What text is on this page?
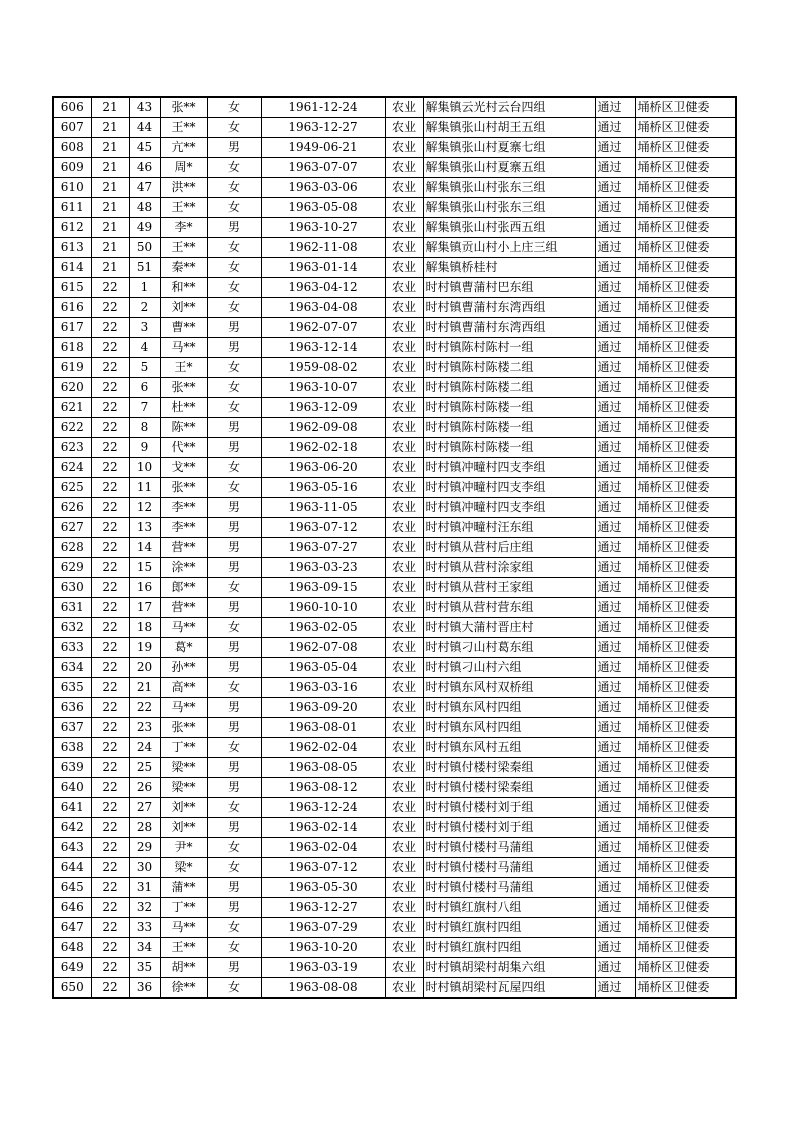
606	21	43	张**	女	1961-12-24	农业	解集镇云光村云台四组	通过	埇桥区卫健委
607	21	44	王**	女	1963-12-27	农业	解集镇张山村胡王五组	通过	埇桥区卫健委
608	21	45	亢**	男	1949-06-21	农业	解集镇张山村夏寨七组	通过	埇桥区卫健委
609	21	46	周*	女	1963-07-07	农业	解集镇张山村夏寨五组	通过	埇桥区卫健委
610	21	47	洪**	女	1963-03-06	农业	解集镇张山村张东三组	通过	埇桥区卫健委
611	21	48	王**	女	1963-05-08	农业	解集镇张山村张东三组	通过	埇桥区卫健委
612	21	49	李*	男	1963-10-27	农业	解集镇张山村张西五组	通过	埇桥区卫健委
613	21	50	王**	女	1962-11-08	农业	解集镇贡山村小上庄三组	通过	埇桥区卫健委
614	21	51	秦**	女	1963-01-14	农业	解集镇桥桂村	通过	埇桥区卫健委
615	22	1	和**	女	1963-04-12	农业	时村镇曹蒲村巴东组	通过	埇桥区卫健委
616	22	2	刘**	女	1963-04-08	农业	时村镇曹蒲村东湾西组	通过	埇桥区卫健委
617	22	3	曹**	男	1962-07-07	农业	时村镇曹蒲村东湾西组	通过	埇桥区卫健委
618	22	4	马**	男	1963-12-14	农业	时村镇陈村陈村一组	通过	埇桥区卫健委
619	22	5	王*	女	1959-08-02	农业	时村镇陈村陈楼二组	通过	埇桥区卫健委
620	22	6	张**	女	1963-10-07	农业	时村镇陈村陈楼二组	通过	埇桥区卫健委
621	22	7	杜**	女	1963-12-09	农业	时村镇陈村陈楼一组	通过	埇桥区卫健委
622	22	8	陈**	男	1962-09-08	农业	时村镇陈村陈楼一组	通过	埇桥区卫健委
623	22	9	代**	男	1962-02-18	农业	时村镇陈村陈楼一组	通过	埇桥区卫健委
624	22	10	戈**	女	1963-06-20	农业	时村镇冲疃村四支李组	通过	埇桥区卫健委
625	22	11	张**	女	1963-05-16	农业	时村镇冲疃村四支李组	通过	埇桥区卫健委
626	22	12	李**	男	1963-11-05	农业	时村镇冲疃村四支李组	通过	埇桥区卫健委
627	22	13	李**	男	1963-07-12	农业	时村镇冲疃村汪东组	通过	埇桥区卫健委
628	22	14	营**	男	1963-07-27	农业	时村镇从营村后庄组	通过	埇桥区卫健委
629	22	15	涂**	男	1963-03-23	农业	时村镇从营村涂家组	通过	埇桥区卫健委
630	22	16	郎**	女	1963-09-15	农业	时村镇从营村王家组	通过	埇桥区卫健委
631	22	17	营**	男	1960-10-10	农业	时村镇从营村营东组	通过	埇桥区卫健委
632	22	18	马**	女	1963-02-05	农业	时村镇大蒲村晋庄村	通过	埇桥区卫健委
633	22	19	葛*	男	1962-07-08	农业	时村镇刁山村葛东组	通过	埇桥区卫健委
634	22	20	孙**	男	1963-05-04	农业	时村镇刁山村六组	通过	埇桥区卫健委
635	22	21	高**	女	1963-03-16	农业	时村镇东风村双桥组	通过	埇桥区卫健委
636	22	22	马**	男	1963-09-20	农业	时村镇东风村四组	通过	埇桥区卫健委
637	22	23	张**	男	1963-08-01	农业	时村镇东风村四组	通过	埇桥区卫健委
638	22	24	丁**	女	1962-02-04	农业	时村镇东风村五组	通过	埇桥区卫健委
639	22	25	梁**	男	1963-08-05	农业	时村镇付楼村梁秦组	通过	埇桥区卫健委
640	22	26	梁**	男	1963-08-12	农业	时村镇付楼村梁秦组	通过	埇桥区卫健委
641	22	27	刘**	女	1963-12-24	农业	时村镇付楼村刘于组	通过	埇桥区卫健委
642	22	28	刘**	男	1963-02-14	农业	时村镇付楼村刘于组	通过	埇桥区卫健委
643	22	29	尹*	女	1963-02-04	农业	时村镇付楼村马蒲组	通过	埇桥区卫健委
644	22	30	梁*	女	1963-07-12	农业	时村镇付楼村马蒲组	通过	埇桥区卫健委
645	22	31	蒲**	男	1963-05-30	农业	时村镇付楼村马蒲组	通过	埇桥区卫健委
646	22	32	丁**	男	1963-12-27	农业	时村镇红旗村八组	通过	埇桥区卫健委
647	22	33	马**	女	1963-07-29	农业	时村镇红旗村四组	通过	埇桥区卫健委
648	22	34	王**	女	1963-10-20	农业	时村镇红旗村四组	通过	埇桥区卫健委
649	22	35	胡**	男	1963-03-19	农业	时村镇胡梁村胡集六组	通过	埇桥区卫健委
650	22	36	徐**	女	1963-08-08	农业	时村镇胡梁村瓦屋四组	通过	埇桥区卫健委
